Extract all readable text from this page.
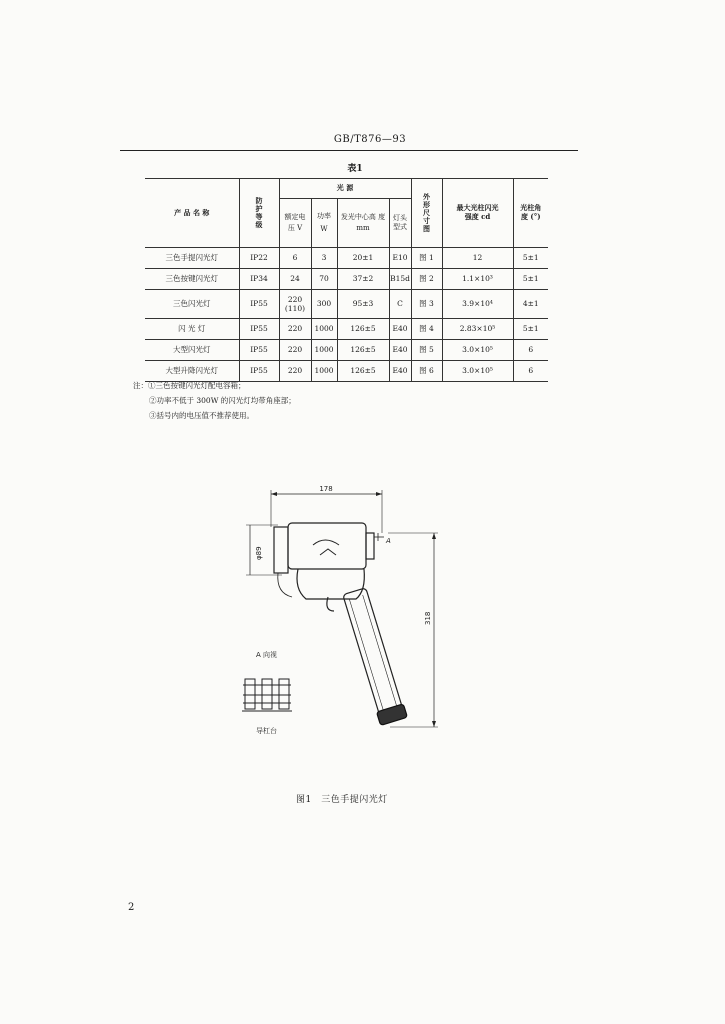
GB/T876—93
表1
产 品 名 称	防护等级	光 源				外形尺寸图	最大光柱闪光强度 cd	光柱角度 (°)
		额定电压 V	功率 W	发光中心高 度 mm	灯头型式			
三色手提闪光灯	IP22	6	3	20±1	E10	图 1	12	5±1
三色按键闪光灯	IP34	24	70	37±2	B15d	图 2	1.1×10³	5±1
三色闪光灯	IP55	220
(110)	300	95±3	C	图 3	3.9×10⁴	4±1
闪 光 灯	IP55	220	1000	126±5	E40	图 4	2.83×10⁵	5±1
大型闪光灯	IP55	220	1000	126±5	E40	图 5	3.0×10⁵	6
大型升降闪光灯	IP55	220	1000	126±5	E40	图 6	3.0×10⁵	6
注：①三色按键闪光灯配电容箱；
②功率不低于 300W 的闪光灯均带角座部；
③括号内的电压值不推荐使用。
178
φ89
318
A
A 向视
导杠台
图1　三色手提闪光灯
2
